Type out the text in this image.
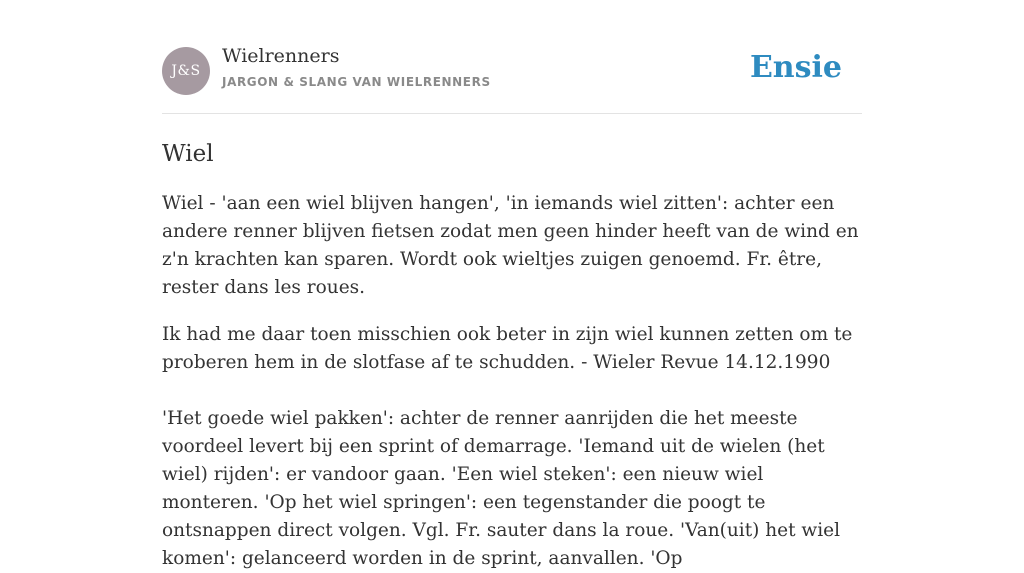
J&S
Wielrenners
JARGON & SLANG VAN WIELRENNERS	Ensie
Wiel

Wiel - 'aan een wiel blijven hangen', 'in iemands wiel zitten': achter een andere renner blijven fietsen zodat men geen hinder heeft van de wind en z'n krachten kan sparen. Wordt ook wieltjes zuigen genoemd. Fr. être, rester dans les roues.

Ik had me daar toen misschien ook beter in zijn wiel kunnen zetten om te proberen hem in de slotfase af te schudden. - Wieler Revue 14.12.1990

'Het goede wiel pakken': achter de renner aanrijden die het meeste voordeel levert bij een sprint of demarrage. 'Iemand uit de wielen (het wiel) rijden': er vandoor gaan. 'Een wiel steken': een nieuw wiel monteren. 'Op het wiel springen': een tegenstander die poogt te ontsnappen direct volgen. Vgl. Fr. sauter dans la roue. 'Van(uit) het wiel komen': gelanceerd worden in de sprint, aanvallen. 'Op
